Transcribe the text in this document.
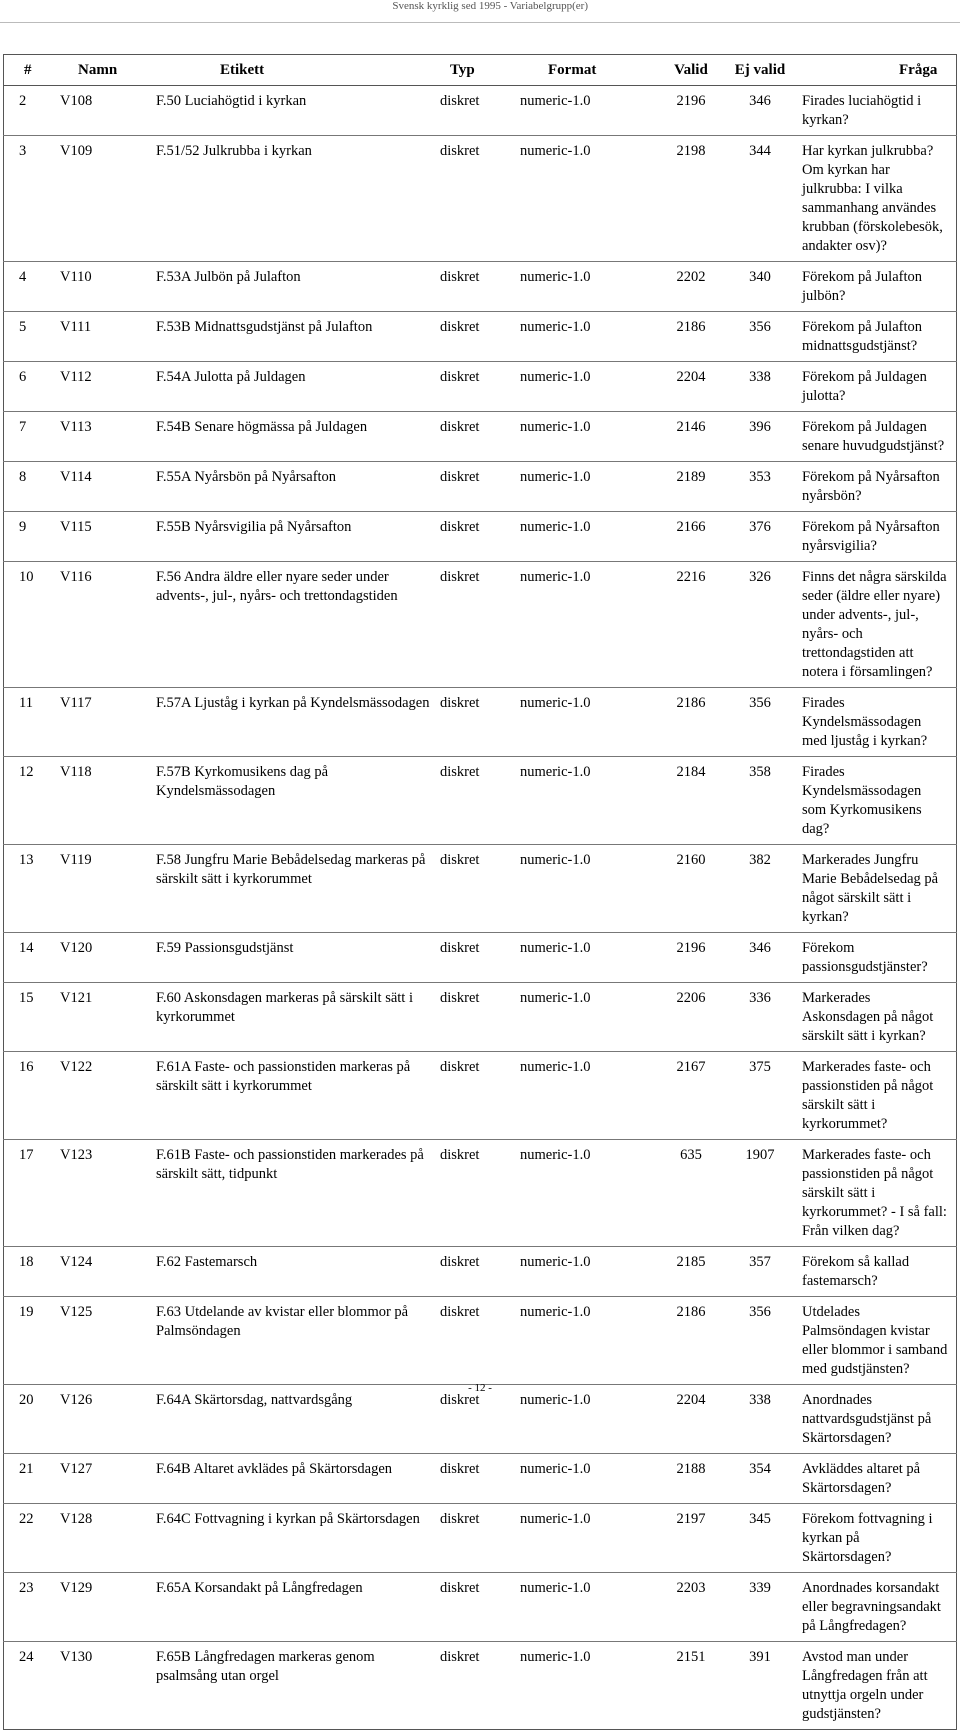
Svensk kyrklig sed 1995 - Variabelgrupp(er)
#	Namn	Etikett	Typ	Format	Valid	Ej valid	Fråga
2	V108	F.50 Luciahögtid i kyrkan	diskret	numeric-1.0	2196	346	Firades luciahögtid i kyrkan?
3	V109	F.51/52 Julkrubba i kyrkan	diskret	numeric-1.0	2198	344	Har kyrkan julkrubba? Om kyrkan har julkrubba: I vilka sammanhang användes krubban (förskolebesök, andakter osv)?
4	V110	F.53A Julbön på Julafton	diskret	numeric-1.0	2202	340	Förekom på Julafton julbön?
5	V111	F.53B Midnattsgudstjänst på Julafton	diskret	numeric-1.0	2186	356	Förekom på Julafton midnattsgudstjänst?
6	V112	F.54A Julotta på Juldagen	diskret	numeric-1.0	2204	338	Förekom på Juldagen julotta?
7	V113	F.54B Senare högmässa på Juldagen	diskret	numeric-1.0	2146	396	Förekom på Juldagen senare huvudgudstjänst?
8	V114	F.55A Nyårsbön på Nyårsafton	diskret	numeric-1.0	2189	353	Förekom på Nyårsafton nyårsbön?
9	V115	F.55B Nyårsvigilia på Nyårsafton	diskret	numeric-1.0	2166	376	Förekom på Nyårsafton nyårsvigilia?
10	V116	F.56 Andra äldre eller nyare seder under advents-, jul-, nyårs- och trettondagstiden	diskret	numeric-1.0	2216	326	Finns det några särskilda seder (äldre eller nyare) under advents-, jul-, nyårs- och trettondagstiden att notera i församlingen?
11	V117	F.57A Ljuståg i kyrkan på Kyndelsmässodagen	diskret	numeric-1.0	2186	356	Firades Kyndelsmässodagen med ljuståg i kyrkan?
12	V118	F.57B Kyrkomusikens dag på Kyndelsmässodagen	diskret	numeric-1.0	2184	358	Firades Kyndelsmässodagen som Kyrkomusikens dag?
13	V119	F.58 Jungfru Marie Bebådelsedag markeras på särskilt sätt i kyrkorummet	diskret	numeric-1.0	2160	382	Markerades Jungfru Marie Bebådelsedag på något särskilt sätt i kyrkan?
14	V120	F.59 Passionsgudstjänst	diskret	numeric-1.0	2196	346	Förekom passionsgudstjänster?
15	V121	F.60 Askonsdagen markeras på särskilt sätt i kyrkorummet	diskret	numeric-1.0	2206	336	Markerades Askonsdagen på något särskilt sätt i kyrkan?
16	V122	F.61A Faste- och passionstiden markeras på särskilt sätt i kyrkorummet	diskret	numeric-1.0	2167	375	Markerades faste- och passionstiden på något särskilt sätt i kyrkorummet?
17	V123	F.61B Faste- och passionstiden markerades på särskilt sätt, tidpunkt	diskret	numeric-1.0	635	1907	Markerades faste- och passionstiden på något särskilt sätt i kyrkorummet? - I så fall: Från vilken dag?
18	V124	F.62 Fastemarsch	diskret	numeric-1.0	2185	357	Förekom så kallad fastemarsch?
19	V125	F.63 Utdelande av kvistar eller blommor på Palmsöndagen	diskret	numeric-1.0	2186	356	Utdelades Palmsöndagen kvistar eller blommor i samband med gudstjänsten?
20	V126	F.64A Skärtorsdag, nattvardsgång	diskret	numeric-1.0	2204	338	Anordnades nattvardsgudstjänst på Skärtorsdagen?
21	V127	F.64B Altaret avklädes på Skärtorsdagen	diskret	numeric-1.0	2188	354	Avkläddes altaret på Skärtorsdagen?
22	V128	F.64C Fottvagning i kyrkan på Skärtorsdagen	diskret	numeric-1.0	2197	345	Förekom fottvagning i kyrkan på Skärtorsdagen?
23	V129	F.65A Korsandakt på Långfredagen	diskret	numeric-1.0	2203	339	Anordnades korsandakt eller begravningsandakt på Långfredagen?
24	V130	F.65B Långfredagen markeras genom psalmsång utan orgel	diskret	numeric-1.0	2151	391	Avstod man under Långfredagen från att utnyttja orgeln under gudstjänsten?
- 12 -
